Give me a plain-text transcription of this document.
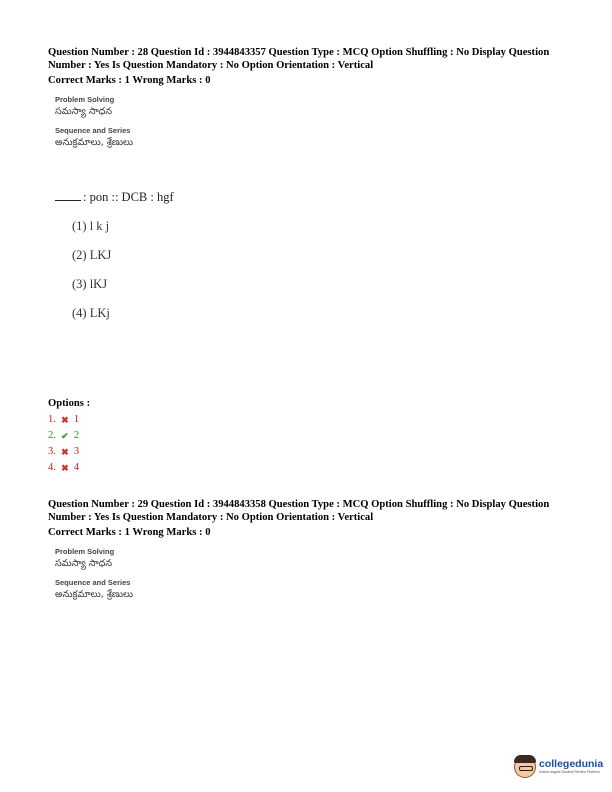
Question Number : 28 Question Id : 3944843357 Question Type : MCQ Option Shuffling : No Display Question Number : Yes Is Question Mandatory : No Option Orientation : Vertical
Correct Marks : 1 Wrong Marks : 0
Problem Solving
సమస్యా సాధన
Sequence and Series
అనుక్రమాలు, శ్రేణులు
: pon :: DCB : hgf
(1) l k j
(2) LKJ
(3) lKJ
(4) LKj
Options :
1. ✖ 1
2. ✔ 2
3. ✖ 3
4. ✖ 4
Question Number : 29 Question Id : 3944843358 Question Type : MCQ Option Shuffling : No Display Question Number : Yes Is Question Mandatory : No Option Orientation : Vertical
Correct Marks : 1 Wrong Marks : 0
Problem Solving
సమస్యా సాధన
Sequence and Series
అనుక్రమాలు, శ్రేణులు
collegedunia
India's largest Student Review Platform
